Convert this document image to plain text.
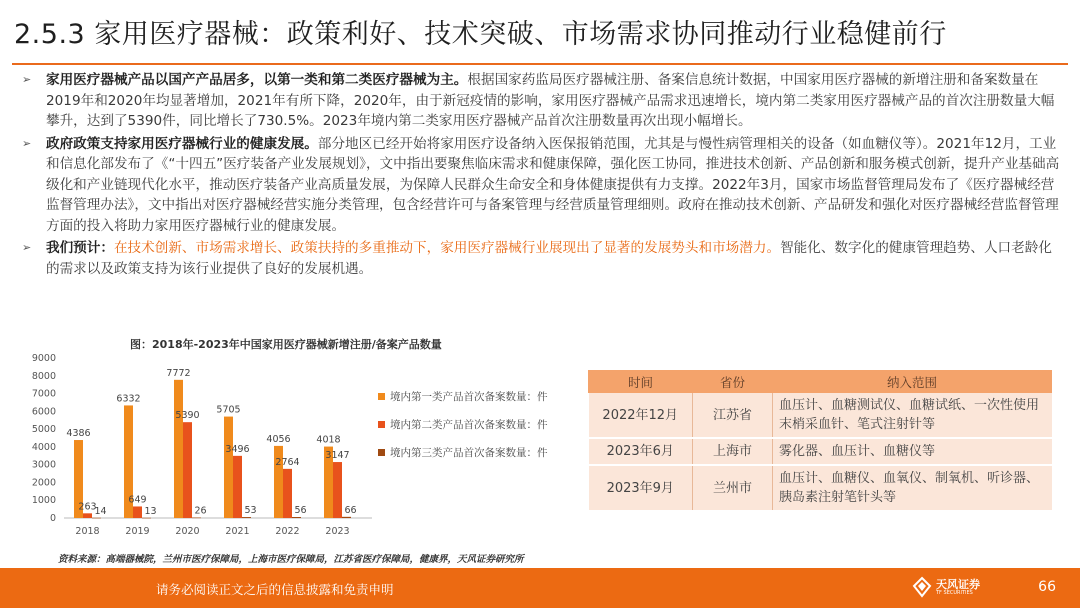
2.5.3 家用医疗器械：政策利好、技术突破、市场需求协同推动行业稳健前行
➢ 家用医疗器械产品以国产产品居多，以第一类和第二类医疗器械为主。根据国家药监局医疗器械注册、备案信息统计数据，中国家用医疗器械的新增注册和备案数量在2019年和2020年均显著增加，2021年有所下降，2020年，由于新冠疫情的影响，家用医疗器械产品需求迅速增长，境内第二类家用医疗器械产品的首次注册数量大幅攀升，达到了5390件，同比增长了730.5%。2023年境内第二类家用医疗器械产品首次注册数量再次出现小幅增长。
➢ 政府政策支持家用医疗器械行业的健康发展。部分地区已经开始将家用医疗设备纳入医保报销范围，尤其是与慢性病管理相关的设备（如血糖仪等）。2021年12月，工业和信息化部发布了《“十四五”医疗装备产业发展规划》，文中指出要聚焦临床需求和健康保障，强化医工协同，推进技术创新、产品创新和服务模式创新，提升产业基础高级化和产业链现代化水平，推动医疗装备产业高质量发展，为保障人民群众生命安全和身体健康提供有力支撑。2022年3月，国家市场监督管理局发布了《医疗器械经营监督管理办法》，文中指出对医疗器械经营实施分类管理，包含经营许可与备案管理与经营质量管理细则。政府在推动技术创新、产品研发和强化对医疗器械经营监督管理方面的投入将助力家用医疗器械行业的健康发展。
➢ 我们预计：在技术创新、市场需求增长、政策扶持的多重推动下，家用医疗器械行业展现出了显著的发展势头和市场潜力。智能化、数字化的健康管理趋势、人口老龄化的需求以及政策支持为该行业提供了良好的发展机遇。
图：2018年-2023年中国家用医疗器械新增注册/备案产品数量
0
1000
2000
3000
4000
5000
6000
7000
8000
9000
4386
263
14
2018
6332
649
13
2019
7772
5390
26
2020
5705
3496
53
2021
4056
2764
56
2022
4018
3147
66
2023
境内第一类产品首次备案数量：件
境内第二类产品首次备案数量：件
境内第三类产品首次备案数量：件
资料来源：高端器械院，兰州市医疗保障局，上海市医疗保障局，江苏省医疗保障局，健康界，天风证券研究所
时间	省份	纳入范围
2022年12月	江苏省	血压计、血糖测试仪、血糖试纸、一次性使用末梢采血针、笔式注射针等
2023年6月	上海市	雾化器、血压计、血糖仪等
2023年9月	兰州市	血压计、血糖仪、血氧仪、制氧机、听诊器、胰岛素注射笔针头等
请务必阅读正文之后的信息披露和免责申明	天风证券
TF SECURITIES	66
